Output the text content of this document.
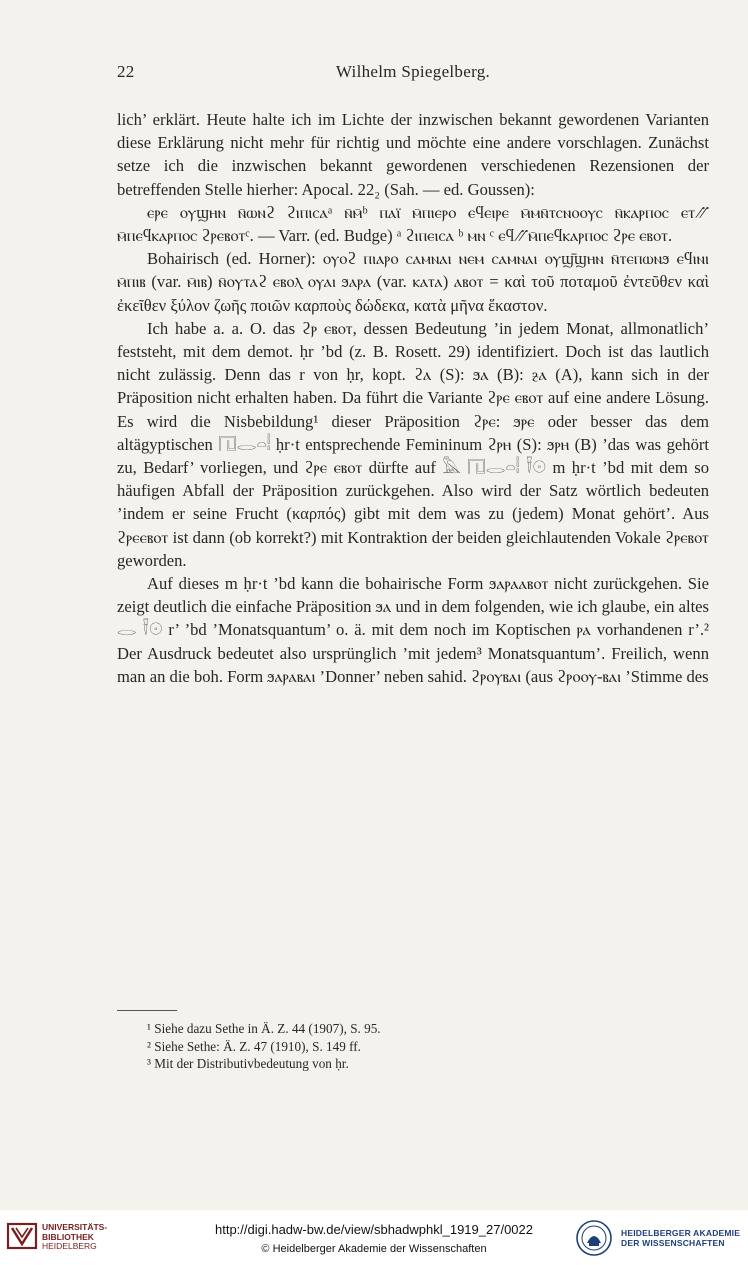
22	Wilhelm Spiegelberg.

lich’ erklärt. Heute halte ich im Lichte der inzwischen bekannt gewordenen Varianten diese Erklärung nicht mehr für richtig und möchte eine andere vorschlagen. Zunächst setze ich die inzwischen bekannt gewordenen verschiedenen Rezensionen der betreffenden Stelle hierher: Apocal. 22₂ (Sah. — ed. Goussen):

ⲉⲣⲉ ⲟⲩϣⲏⲛ ⲛ̄ⲱⲛϩ ϩⲓⲡⲓⲥⲁᵃ ⲛ̄ⲙ̄ᵇ ⲡⲁⲓ̈ ⲙ̄ⲡⲓⲉⲣⲟ ⲉϥⲉⲓⲣⲉ ⲙ̄ⲙⲛ̄ⲧⲥⲛⲟⲟⲩⲥ ⲛ̄ⲕⲁⲣⲡⲟⲥ ⲉⲧ⳼ⲙ̄ⲡⲉϥⲕⲁⲣⲡⲟⲥ ϩⲣⲉⲃⲟⲧᶜ. — Varr. (ed. Budge) ᵃ ϩⲓⲡⲉⲓⲥⲁ ᵇ ⲙⲛ ᶜ ⲉϥ⳼ⲙ̄ⲡⲉϥⲕⲁⲣⲡⲟⲥ ϩⲣⲉ ⲉⲃⲟⲧ.

Bohairisch (ed. Horner): ⲟⲩⲟϩ ⲡⲓⲁⲣⲟ ⲥⲁⲙⲛⲁⲓ ⲛⲉⲙ ⲥⲁⲙⲛⲁⲓ ⲟⲩϣ̄ϣⲏⲛ ⲛ̄ⲧⲉⲡⲱⲛϧ ⲉϥⲓⲛⲓ ⲙ̄ⲡⲓⲃ (var. ⲙ̄ⲓⲃ) ⲛ̄ⲟⲩⲧⲁϩ ⲉⲃⲟⲗ ⲟⲩⲁⲓ ϧⲁⲣⲁ (var. ⲕⲁⲧⲁ) ⲁⲃⲟⲧ = καὶ τοῦ ποταμοῦ ἐντεῦθεν καὶ ἐκεῖθεν ξύλον ζωῆς ποιῶν καρποὺς δώδεκα, κατὰ μῆνα ἕκαστον.

Ich habe a. a. O. das ϩⲣ ⲉⲃⲟⲧ, dessen Bedeutung ’in jedem Monat, allmonatlich’ feststeht, mit dem demot. ḥr ’bd (z. B. Rosett. 29) identifiziert. Doch ist das lautlich nicht zulässig. Denn das r von ḥr, kopt. ϩⲁ (S): ϧⲁ (B): ⳉⲁ (A), kann sich in der Präposition nicht erhalten haben. Da führt die Variante ϩⲣⲉ ⲉⲃⲟⲧ auf eine andere Lösung. Es wird die Nisbebildung¹ dieser Präposition ϩⲣⲉ: ϧⲣⲉ oder besser das dem altägyptischen 𓉔𓂋𓏏𓏪 ḥr·t entsprechende Femininum ϩⲣⲏ (S): ϧⲣⲏ (B) ’das was gehört zu, Bedarf’ vorliegen, und ϩⲣⲉ ⲉⲃⲟⲧ dürfte auf 𓅓 𓉔𓂋𓏏𓏪 𓍋𓇳 m ḥr·t ’bd mit dem so häufigen Abfall der Präposition zurückgehen. Also wird der Satz wörtlich bedeuten ’indem er seine Frucht (καρπός) gibt mit dem was zu (jedem) Monat gehört’. Aus ϩⲣⲉⲉⲃⲟⲧ ist dann (ob korrekt?) mit Kontraktion der beiden gleichlautenden Vokale ϩⲣⲉⲃⲟⲧ geworden.

Auf dieses m ḥr·t ’bd kann die bohairische Form ϧⲁⲣⲁⲁⲃⲟⲧ nicht zurückgehen. Sie zeigt deutlich die einfache Präposition ϧⲁ und in dem folgenden, wie ich glaube, ein altes 𓂋 𓍋𓇳 r’ ’bd ’Monatsquantum’ o. ä. mit dem noch im Koptischen ⲣⲁ vorhandenen r’.² Der Ausdruck bedeutet also ursprünglich ’mit jedem³ Monatsquantum’. Freilich, wenn man an die boh. Form ϧⲁⲣⲁⲃⲁⲓ ’Donner’ neben sahid. ϩⲣⲟⲩⲃⲁⲓ (aus ϩⲣⲟⲟⲩ-ⲃⲁⲓ ’Stimme des

¹ Siehe dazu Sethe in Ä. Z. 44 (1907), S. 95.
² Siehe Sethe: Ä. Z. 47 (1910), S. 149 ff.
³ Mit der Distributivbedeutung von ḥr.
UNIVERSITÄTS-
BIBLIOTHEK
HEIDELBERG
http://digi.hadw-bw.de/view/sbhadwphkl_1919_27/0022
© Heidelberger Akademie der Wissenschaften
HEIDELBERGER AKADEMIE
DER WISSENSCHAFTEN
